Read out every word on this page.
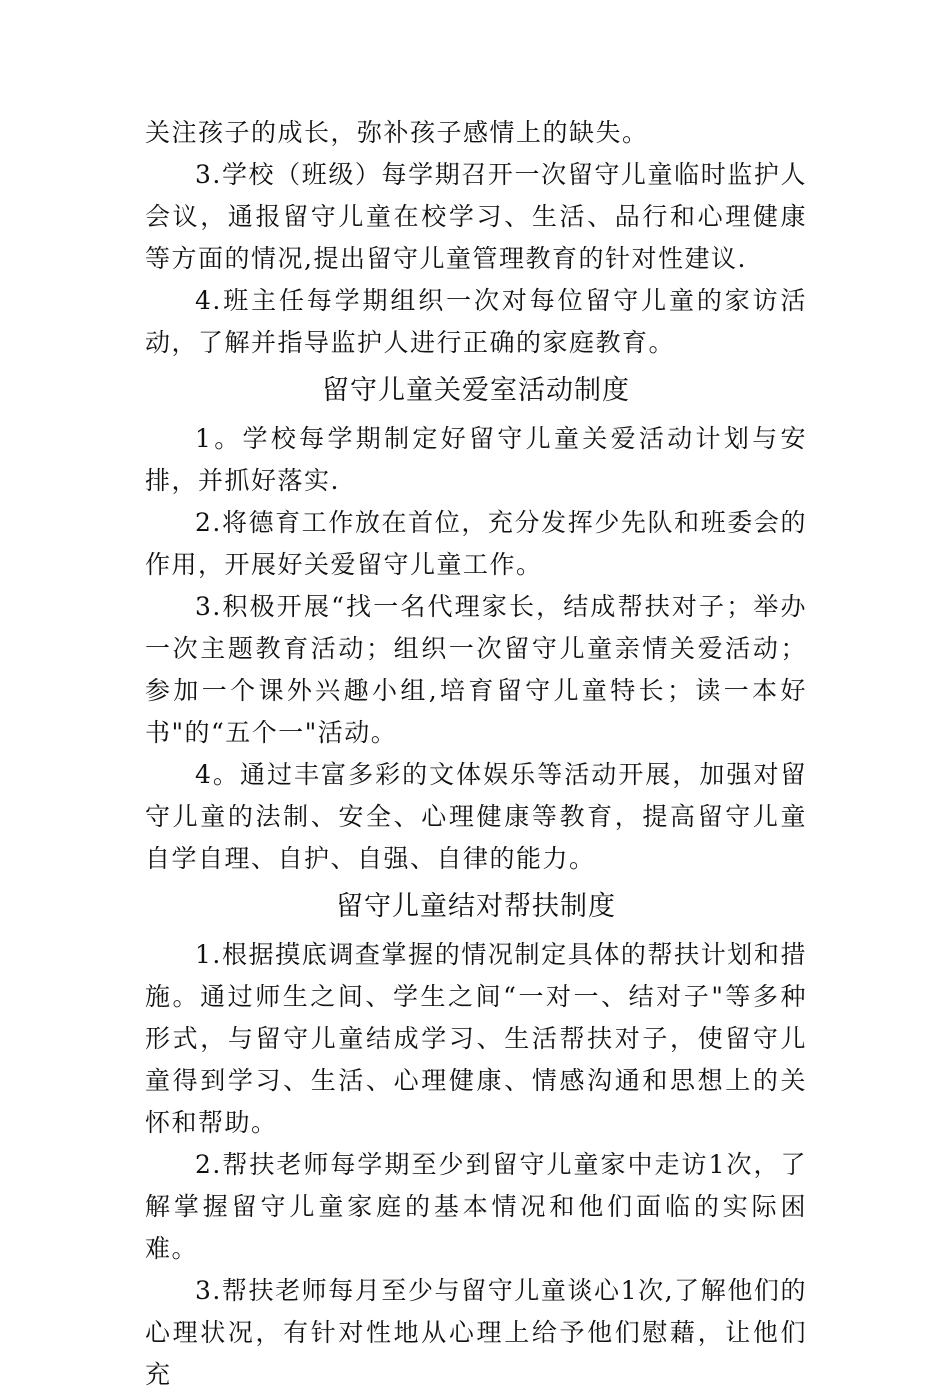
关注孩子的成长，弥补孩子感情上的缺失。

3.学校（班级）每学期召开一次留守儿童临时监护人会议，通报留守儿童在校学习、生活、品行和心理健康等方面的情况,提出留守儿童管理教育的针对性建议.

4.班主任每学期组织一次对每位留守儿童的家访活动，了解并指导监护人进行正确的家庭教育。

留守儿童关爱室活动制度

1。学校每学期制定好留守儿童关爱活动计划与安排，并抓好落实.

2.将德育工作放在首位，充分发挥少先队和班委会的作用，开展好关爱留守儿童工作。

3.积极开展“找一名代理家长，结成帮扶对子；举办一次主题教育活动；组织一次留守儿童亲情关爱活动；参加一个课外兴趣小组,培育留守儿童特长；读一本好书"的“五个一"活动。

4。通过丰富多彩的文体娱乐等活动开展，加强对留守儿童的法制、安全、心理健康等教育，提高留守儿童自学自理、自护、自强、自律的能力。

留守儿童结对帮扶制度

1.根据摸底调查掌握的情况制定具体的帮扶计划和措施。通过师生之间、学生之间“一对一、结对子"等多种形式，与留守儿童结成学习、生活帮扶对子，使留守儿童得到学习、生活、心理健康、情感沟通和思想上的关怀和帮助。

2.帮扶老师每学期至少到留守儿童家中走访1次，了解掌握留守儿童家庭的基本情况和他们面临的实际困难。

3.帮扶老师每月至少与留守儿童谈心1次,了解他们的心理状况，有针对性地从心理上给予他们慰藉，让他们充
